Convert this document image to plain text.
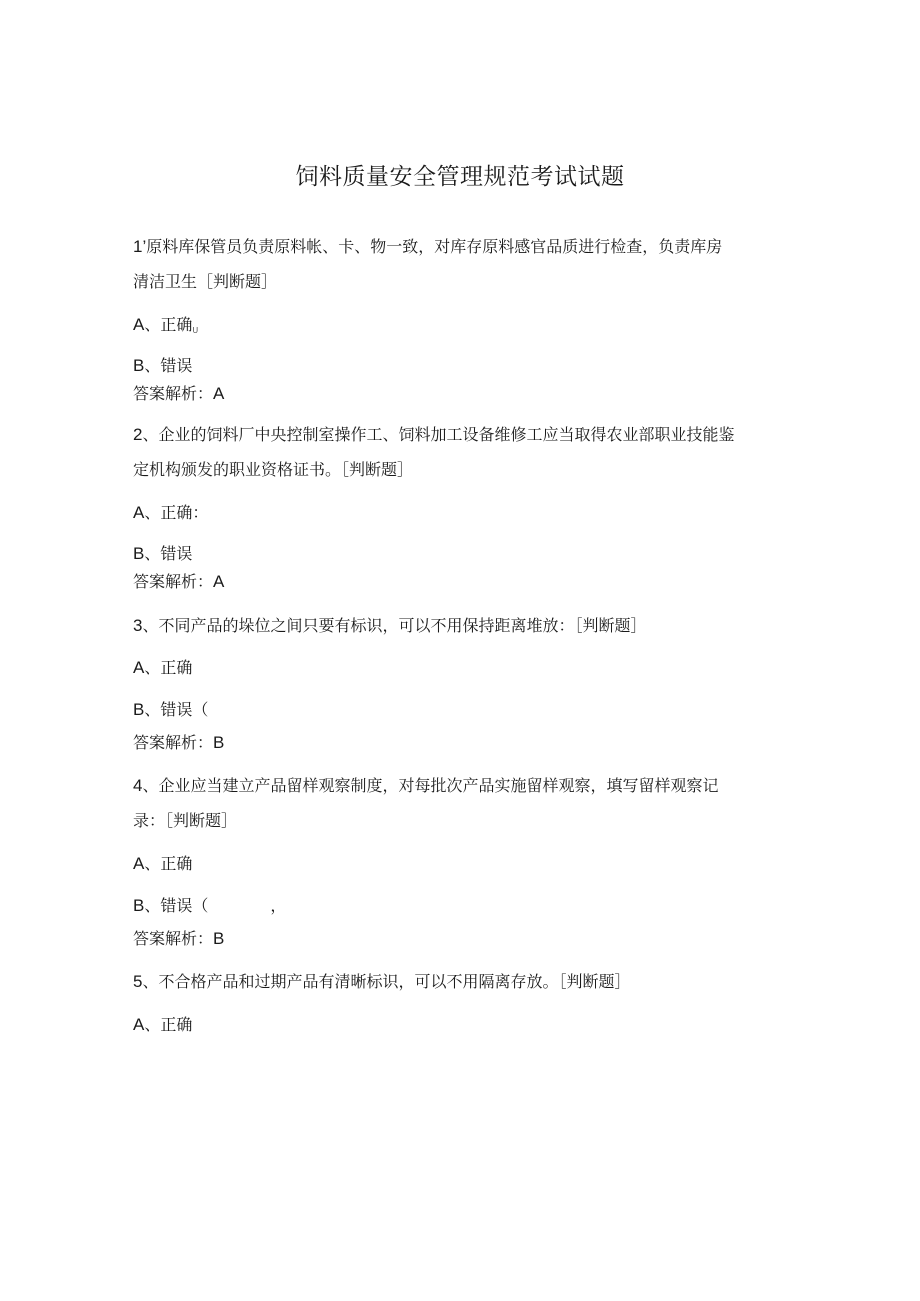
饲料质量安全管理规范考试试题
1’原料库保管员负责原料帐、卡、物一致，对库存原料感官品质进行检查，负责库房
清洁卫生［判断题］
A、正确U
B、错误
答案解析：A
2、企业的饲料厂中央控制室操作工、饲料加工设备维修工应当取得农业部职业技能鉴
定机构颁发的职业资格证书。［判断题］
A、正确：
B、错误
答案解析：A
3、不同产品的垛位之间只要有标识，可以不用保持距离堆放：［判断题］
A、正确
B、错误（
答案解析：B
4、企业应当建立产品留样观察制度，对每批次产品实施留样观察，填写留样观察记
录：［判断题］
A、正确
B、错误（	，
答案解析：B
5、不合格产品和过期产品有清晰标识，可以不用隔离存放。［判断题］
A、正确
